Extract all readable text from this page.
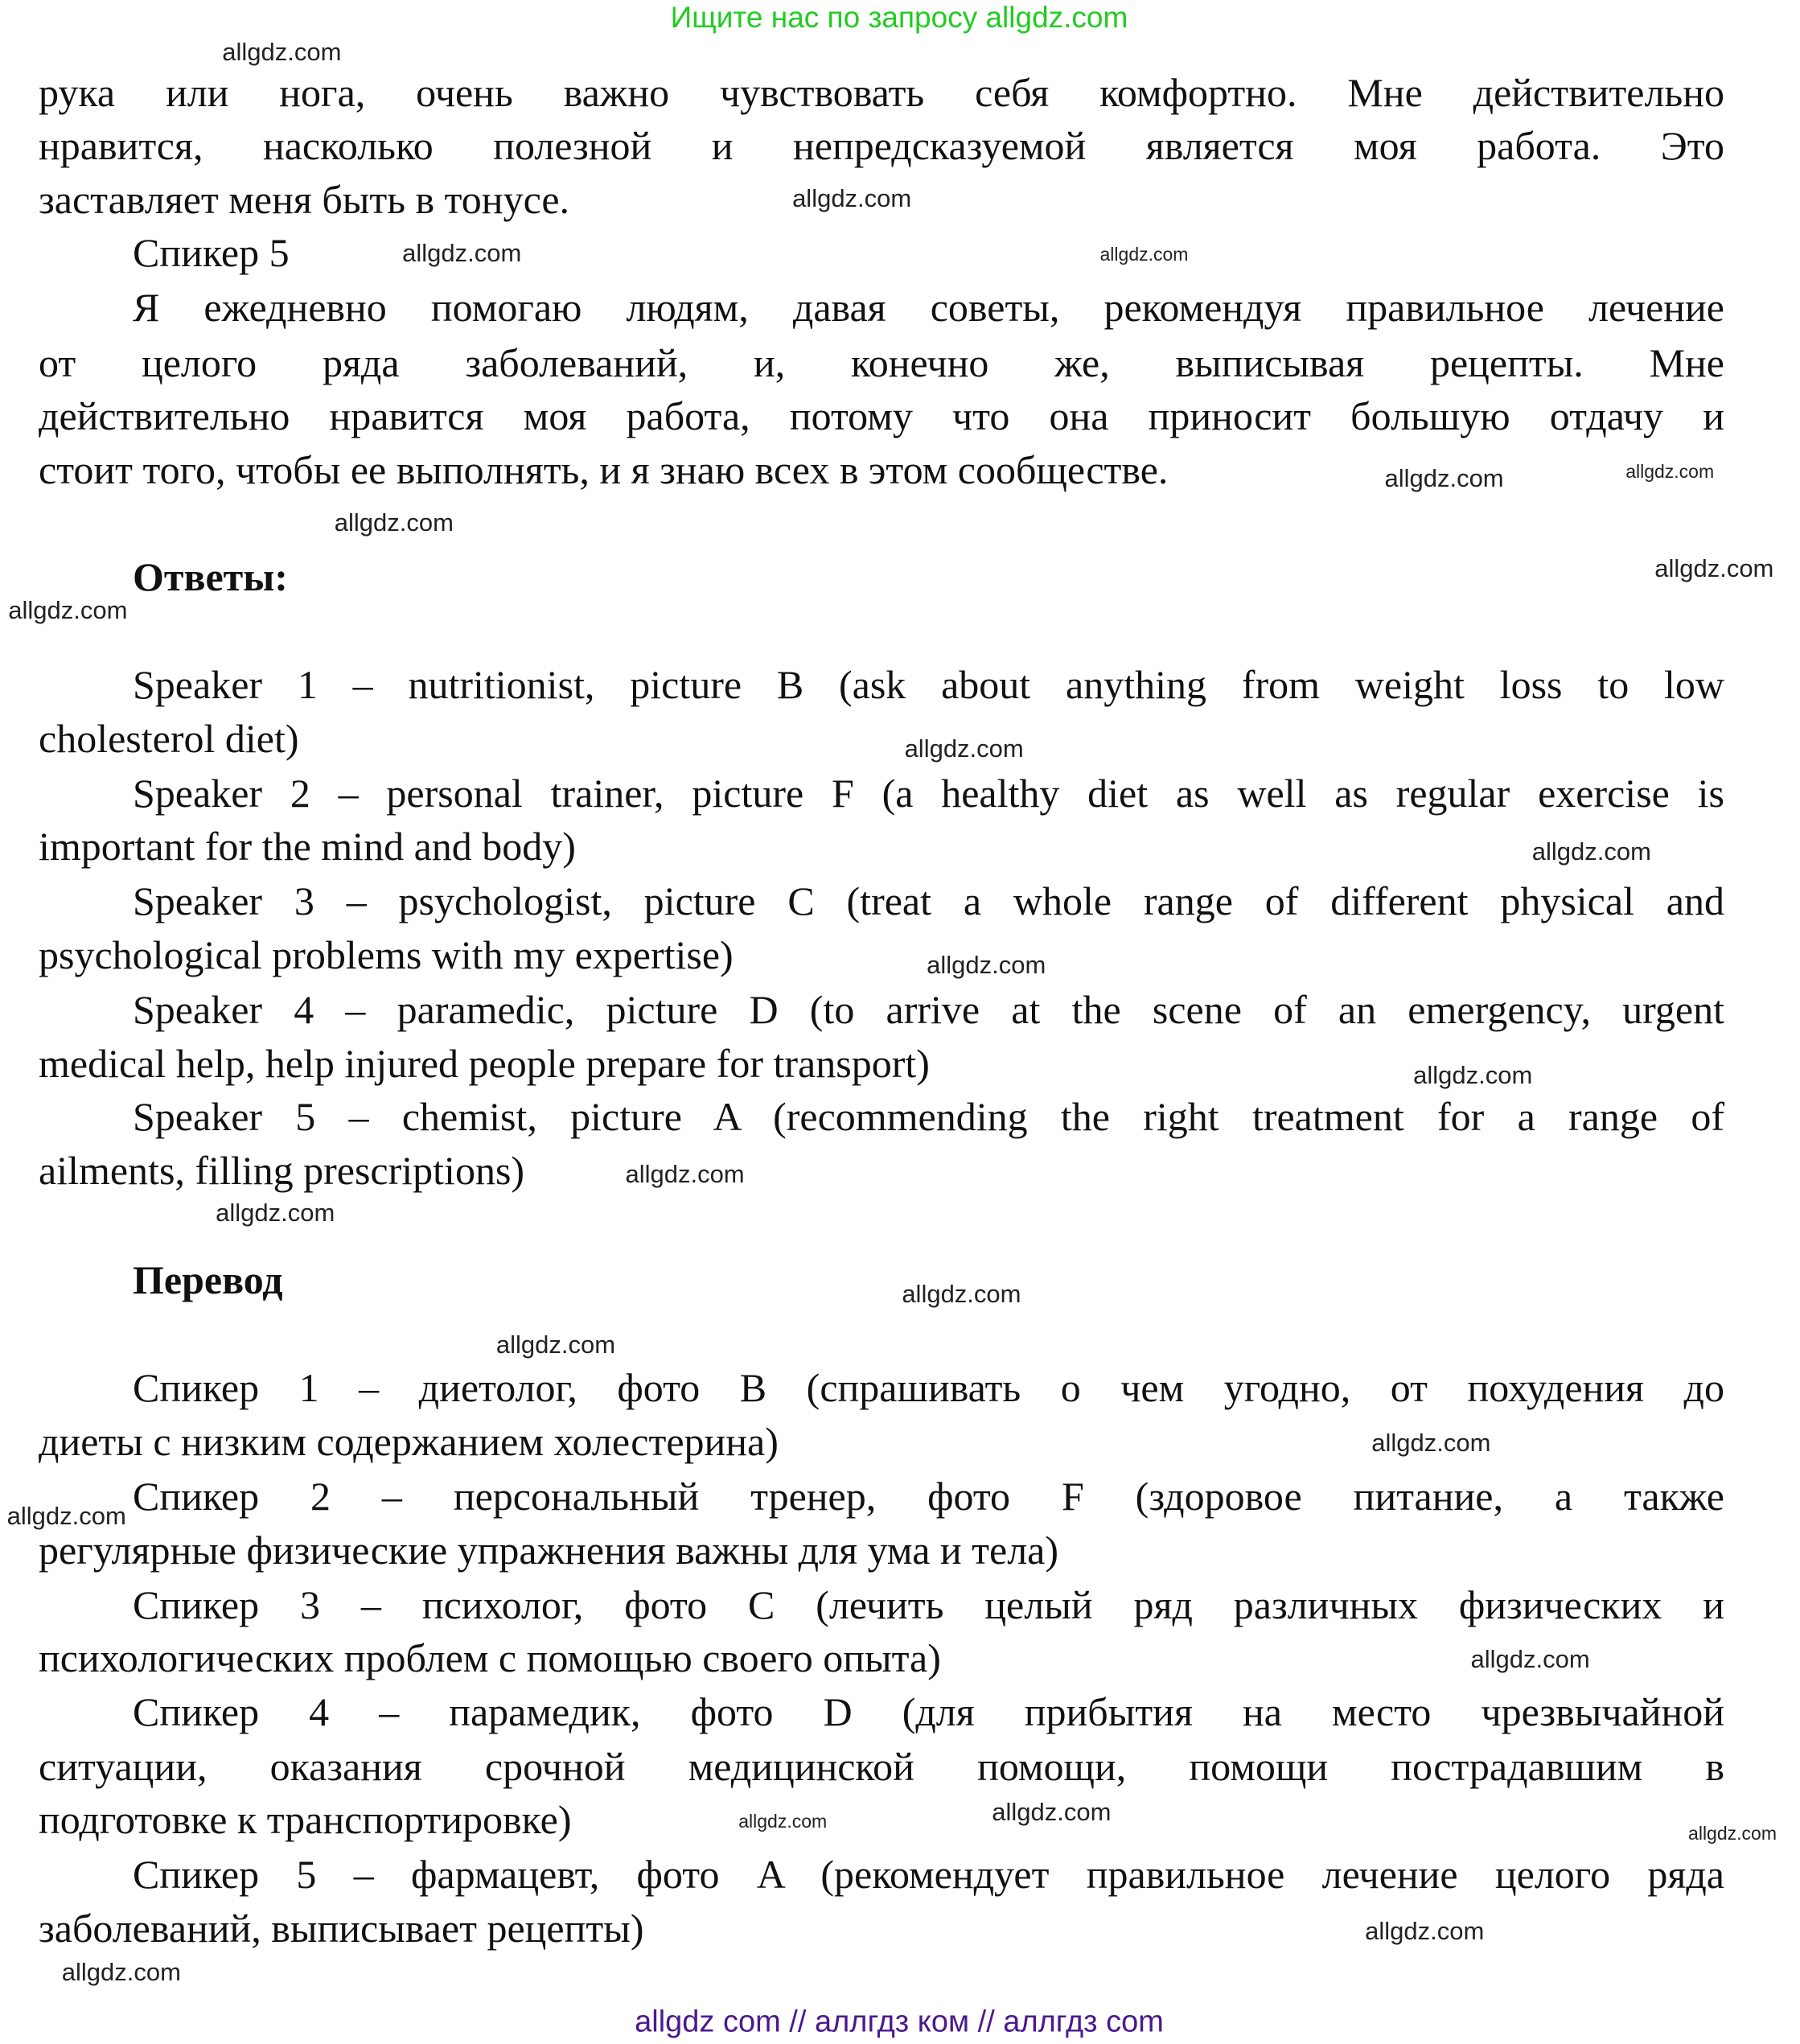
Ищите нас по запросу allgdz.com
рука или нога, очень важно чувствовать себя комфортно. Мне действительно
нравится, насколько полезной и непредсказуемой является моя работа. Это
заставляет меня быть в тонусе.
Спикер 5
Я ежедневно помогаю людям, давая советы, рекомендуя правильное лечение
от целого ряда заболеваний, и, конечно же, выписывая рецепты. Мне
действительно нравится моя работа, потому что она приносит большую отдачу и
стоит того, чтобы ее выполнять, и я знаю всех в этом сообществе.
Ответы:
Speaker 1 – nutritionist, picture B (ask about anything from weight loss to low
cholesterol diet)
Speaker 2 – personal trainer, picture F (a healthy diet as well as regular exercise is
important for the mind and body)
Speaker 3 – psychologist, picture C (treat a whole range of different physical and
psychological problems with my expertise)
Speaker 4 – paramedic, picture D (to arrive at the scene of an emergency, urgent
medical help, help injured people prepare for transport)
Speaker 5 – chemist, picture A (recommending the right treatment for a range of
ailments, filling prescriptions)
Перевод
Спикер 1 – диетолог, фото B (спрашивать о чем угодно, от похудения до
диеты с низким содержанием холестерина)
Спикер 2 – персональный тренер, фото F (здоровое питание, а также
регулярные физические упражнения важны для ума и тела)
Спикер 3 – психолог, фото C (лечить целый ряд различных физических и
психологических проблем с помощью своего опыта)
Спикер 4 – парамедик, фото D (для прибытия на место чрезвычайной
ситуации, оказания срочной медицинской помощи, помощи пострадавшим в
подготовке к транспортировке)
Спикер 5 – фармацевт, фото A (рекомендует правильное лечение целого ряда
заболеваний, выписывает рецепты)
allgdz com // аллгдз ком // аллгдз com
allgdz.com
allgdz.com
allgdz.com	allgdz.com
allgdz.com
allgdz.com
allgdz.com
allgdz.com
allgdz.com
allgdz.com
allgdz.com
allgdz.com
allgdz.com
allgdz.com
allgdz.com
allgdz.com
allgdz.com
allgdz.com
allgdz.com
allgdz.com
allgdz.com	allgdz.com
allgdz.com
allgdz.com
allgdz.com
